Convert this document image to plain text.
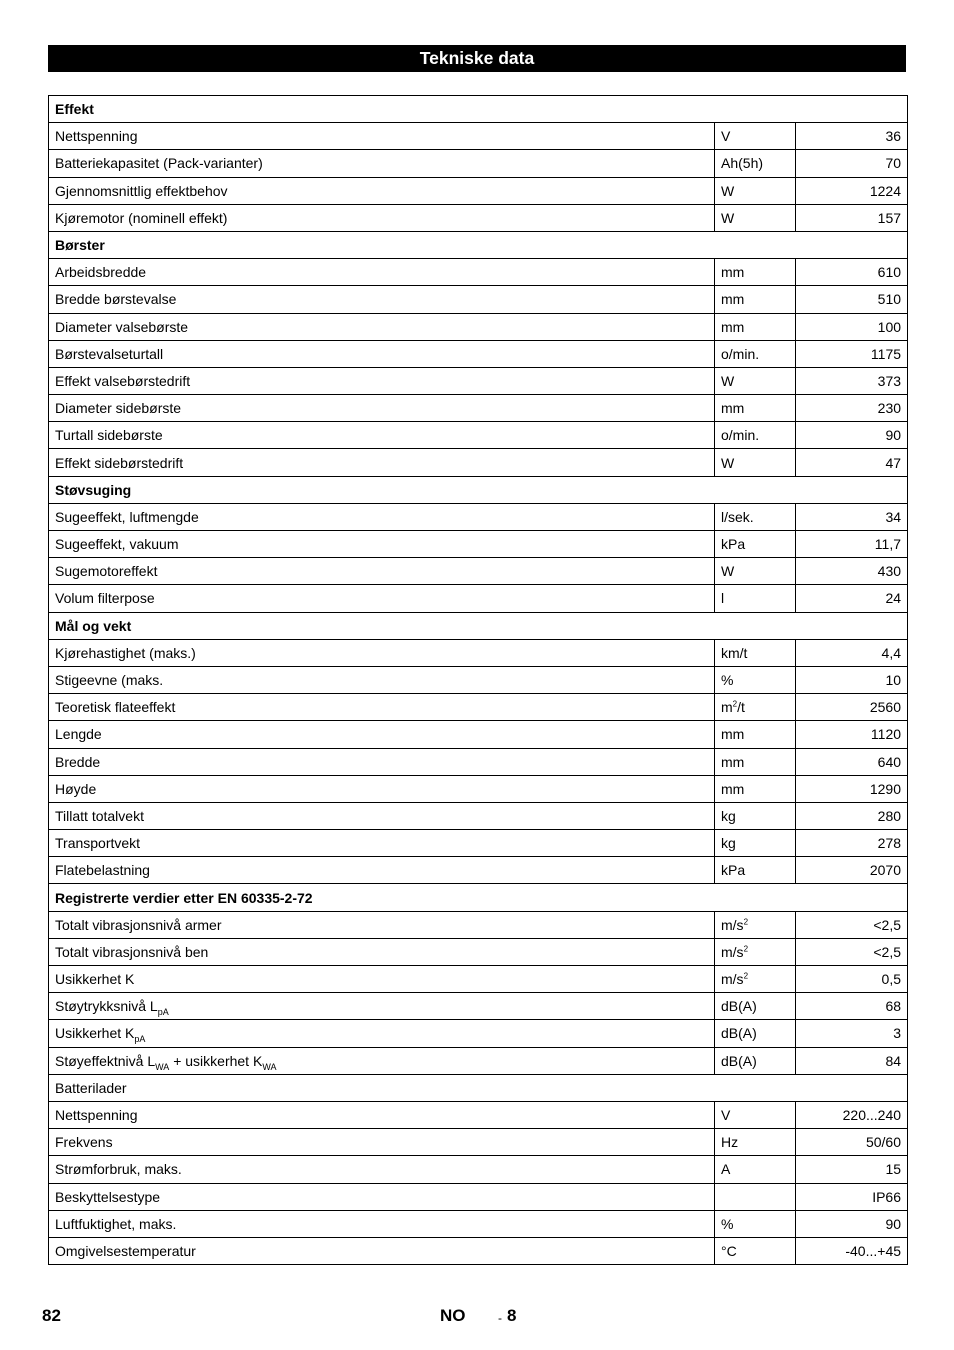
Tekniske data
Effekt		
Nettspenning	V	36
Batteriekapasitet (Pack-varianter)	Ah(5h)	70
Gjennomsnittlig effektbehov	W	1224
Kjøremotor (nominell effekt)	W	157
Børster		
Arbeidsbredde	mm	610
Bredde børstevalse	mm	510
Diameter valsebørste	mm	100
Børstevalseturtall	o/min.	1175
Effekt valsebørstedrift	W	373
Diameter sidebørste	mm	230
Turtall sidebørste	o/min.	90
Effekt sidebørstedrift	W	47
Støvsuging		
Sugeeffekt, luftmengde	l/sek.	34
Sugeeffekt, vakuum	kPa	11,7
Sugemotoreffekt	W	430
Volum filterpose	l	24
Mål og vekt		
Kjørehastighet (maks.)	km/t	4,4
Stigeevne (maks.	%	10
Teoretisk flateeffekt	$m^2/t$	2560
Lengde	mm	1120
Bredde	mm	640
Høyde	mm	1290
Tillatt totalvekt	kg	280
Transportvekt	kg	278
Flatebelastning	kPa	2070
Registrerte verdier etter EN 60335-2-72		
Totalt vibrasjonsnivå armer	$m/s^2$	<2,5
Totalt vibrasjonsnivå ben	$m/s^2$	<2,5
Usikkerhet K	$m/s^2$	0,5
Støytrykksnivå $L_{pA}$	dB(A)	68
Usikkerhet $K_{pA}$	dB(A)	3
Støyeffektnivå $L_{WA}$ + usikkerhet $K_{WA}$	dB(A)	84
Batterilader		
Nettspenning	V	220...240
Frekvens	Hz	50/60
Strømforbruk, maks.	A	15
Beskyttelsestype		IP66
Luftfuktighet, maks.	%	90
Omgivelsestemperatur	°C	-40...+45
82	NO	- 8
